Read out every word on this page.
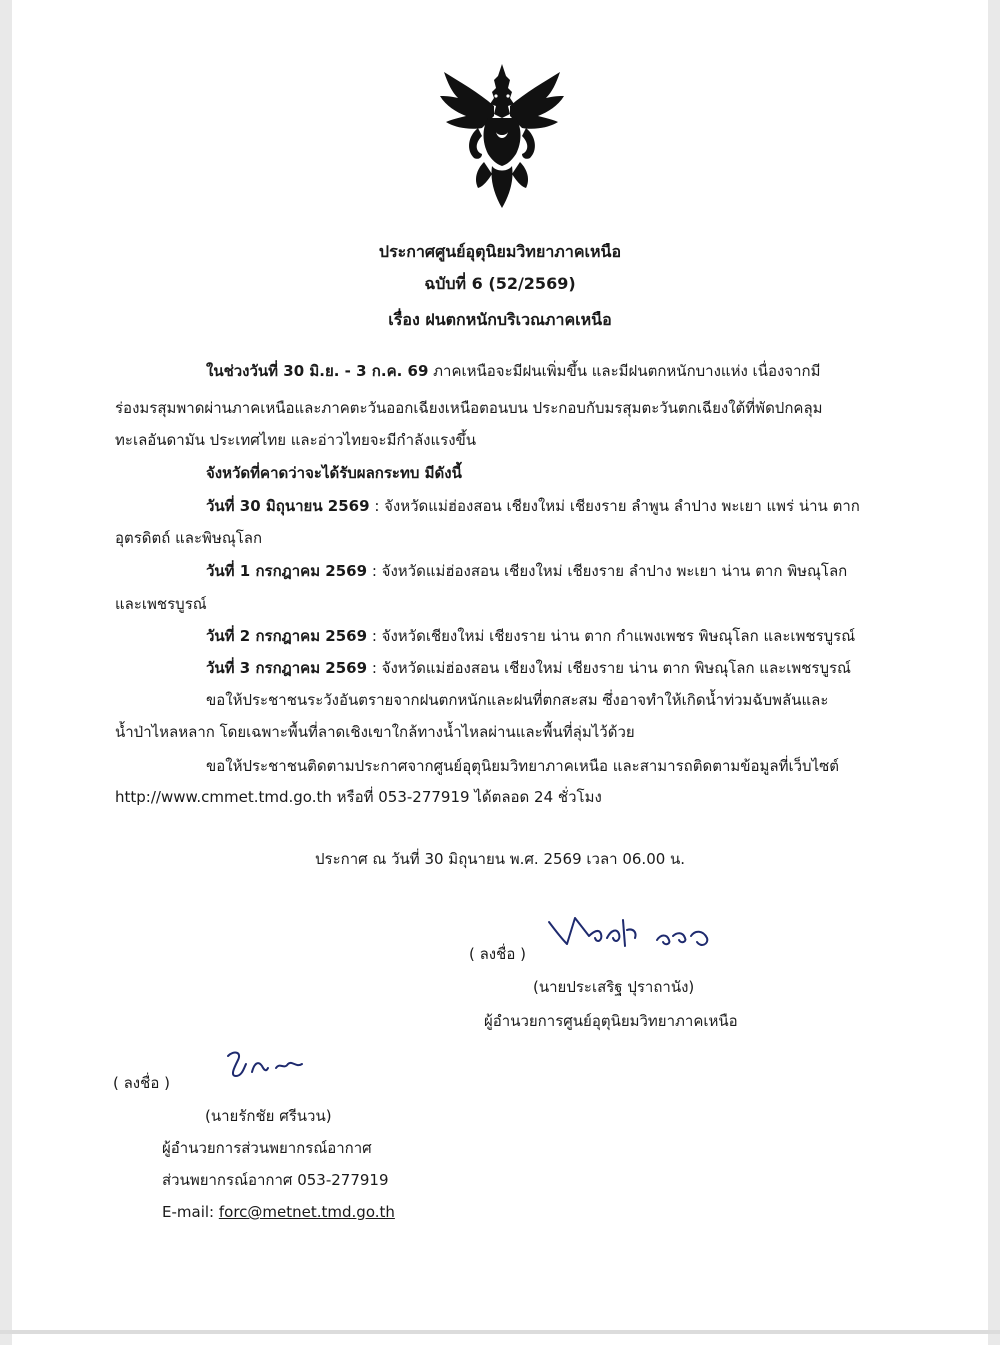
ประกาศศูนย์อุตุนิยมวิทยาภาคเหนือ
ฉบับที่ 6 (52/2569)
เรื่อง ฝนตกหนักบริเวณภาคเหนือ
ในช่วงวันที่ 30 มิ.ย. - 3 ก.ค. 69 ภาคเหนือจะมีฝนเพิ่มขึ้น และมีฝนตกหนักบางแห่ง เนื่องจากมี
ร่องมรสุมพาดผ่านภาคเหนือและภาคตะวันออกเฉียงเหนือตอนบน ประกอบกับมรสุมตะวันตกเฉียงใต้ที่พัดปกคลุม
ทะเลอันดามัน ประเทศไทย และอ่าวไทยจะมีกำลังแรงขึ้น
จังหวัดที่คาดว่าจะได้รับผลกระทบ มีดังนี้
วันที่ 30 มิถุนายน 2569 : จังหวัดแม่ฮ่องสอน เชียงใหม่ เชียงราย ลำพูน ลำปาง พะเยา แพร่ น่าน ตาก
อุตรดิตถ์ และพิษณุโลก
วันที่ 1 กรกฎาคม 2569 : จังหวัดแม่ฮ่องสอน เชียงใหม่ เชียงราย ลำปาง พะเยา น่าน ตาก พิษณุโลก
และเพชรบูรณ์
วันที่ 2 กรกฎาคม 2569 : จังหวัดเชียงใหม่ เชียงราย น่าน ตาก กำแพงเพชร พิษณุโลก และเพชรบูรณ์
วันที่ 3 กรกฎาคม 2569 : จังหวัดแม่ฮ่องสอน เชียงใหม่ เชียงราย น่าน ตาก พิษณุโลก และเพชรบูรณ์
ขอให้ประชาชนระวังอันตรายจากฝนตกหนักและฝนที่ตกสะสม ซึ่งอาจทำให้เกิดน้ำท่วมฉับพลันและ
น้ำป่าไหลหลาก โดยเฉพาะพื้นที่ลาดเชิงเขาใกล้ทางน้ำไหลผ่านและพื้นที่ลุ่มไว้ด้วย
ขอให้ประชาชนติดตามประกาศจากศูนย์อุตุนิยมวิทยาภาคเหนือ และสามารถติดตามข้อมูลที่เว็บไซต์
http://www.cmmet.tmd.go.th หรือที่ 053-277919 ได้ตลอด 24 ชั่วโมง
ประกาศ ณ วันที่ 30 มิถุนายน พ.ศ. 2569 เวลา 06.00 น.
( ลงชื่อ )
(นายประเสริฐ ปุราถานัง)
ผู้อำนวยการศูนย์อุตุนิยมวิทยาภาคเหนือ
( ลงชื่อ )
(นายรักชัย ศรีนวน)
ผู้อำนวยการส่วนพยากรณ์อากาศ
ส่วนพยากรณ์อากาศ 053-277919
E-mail: forc@metnet.tmd.go.th
